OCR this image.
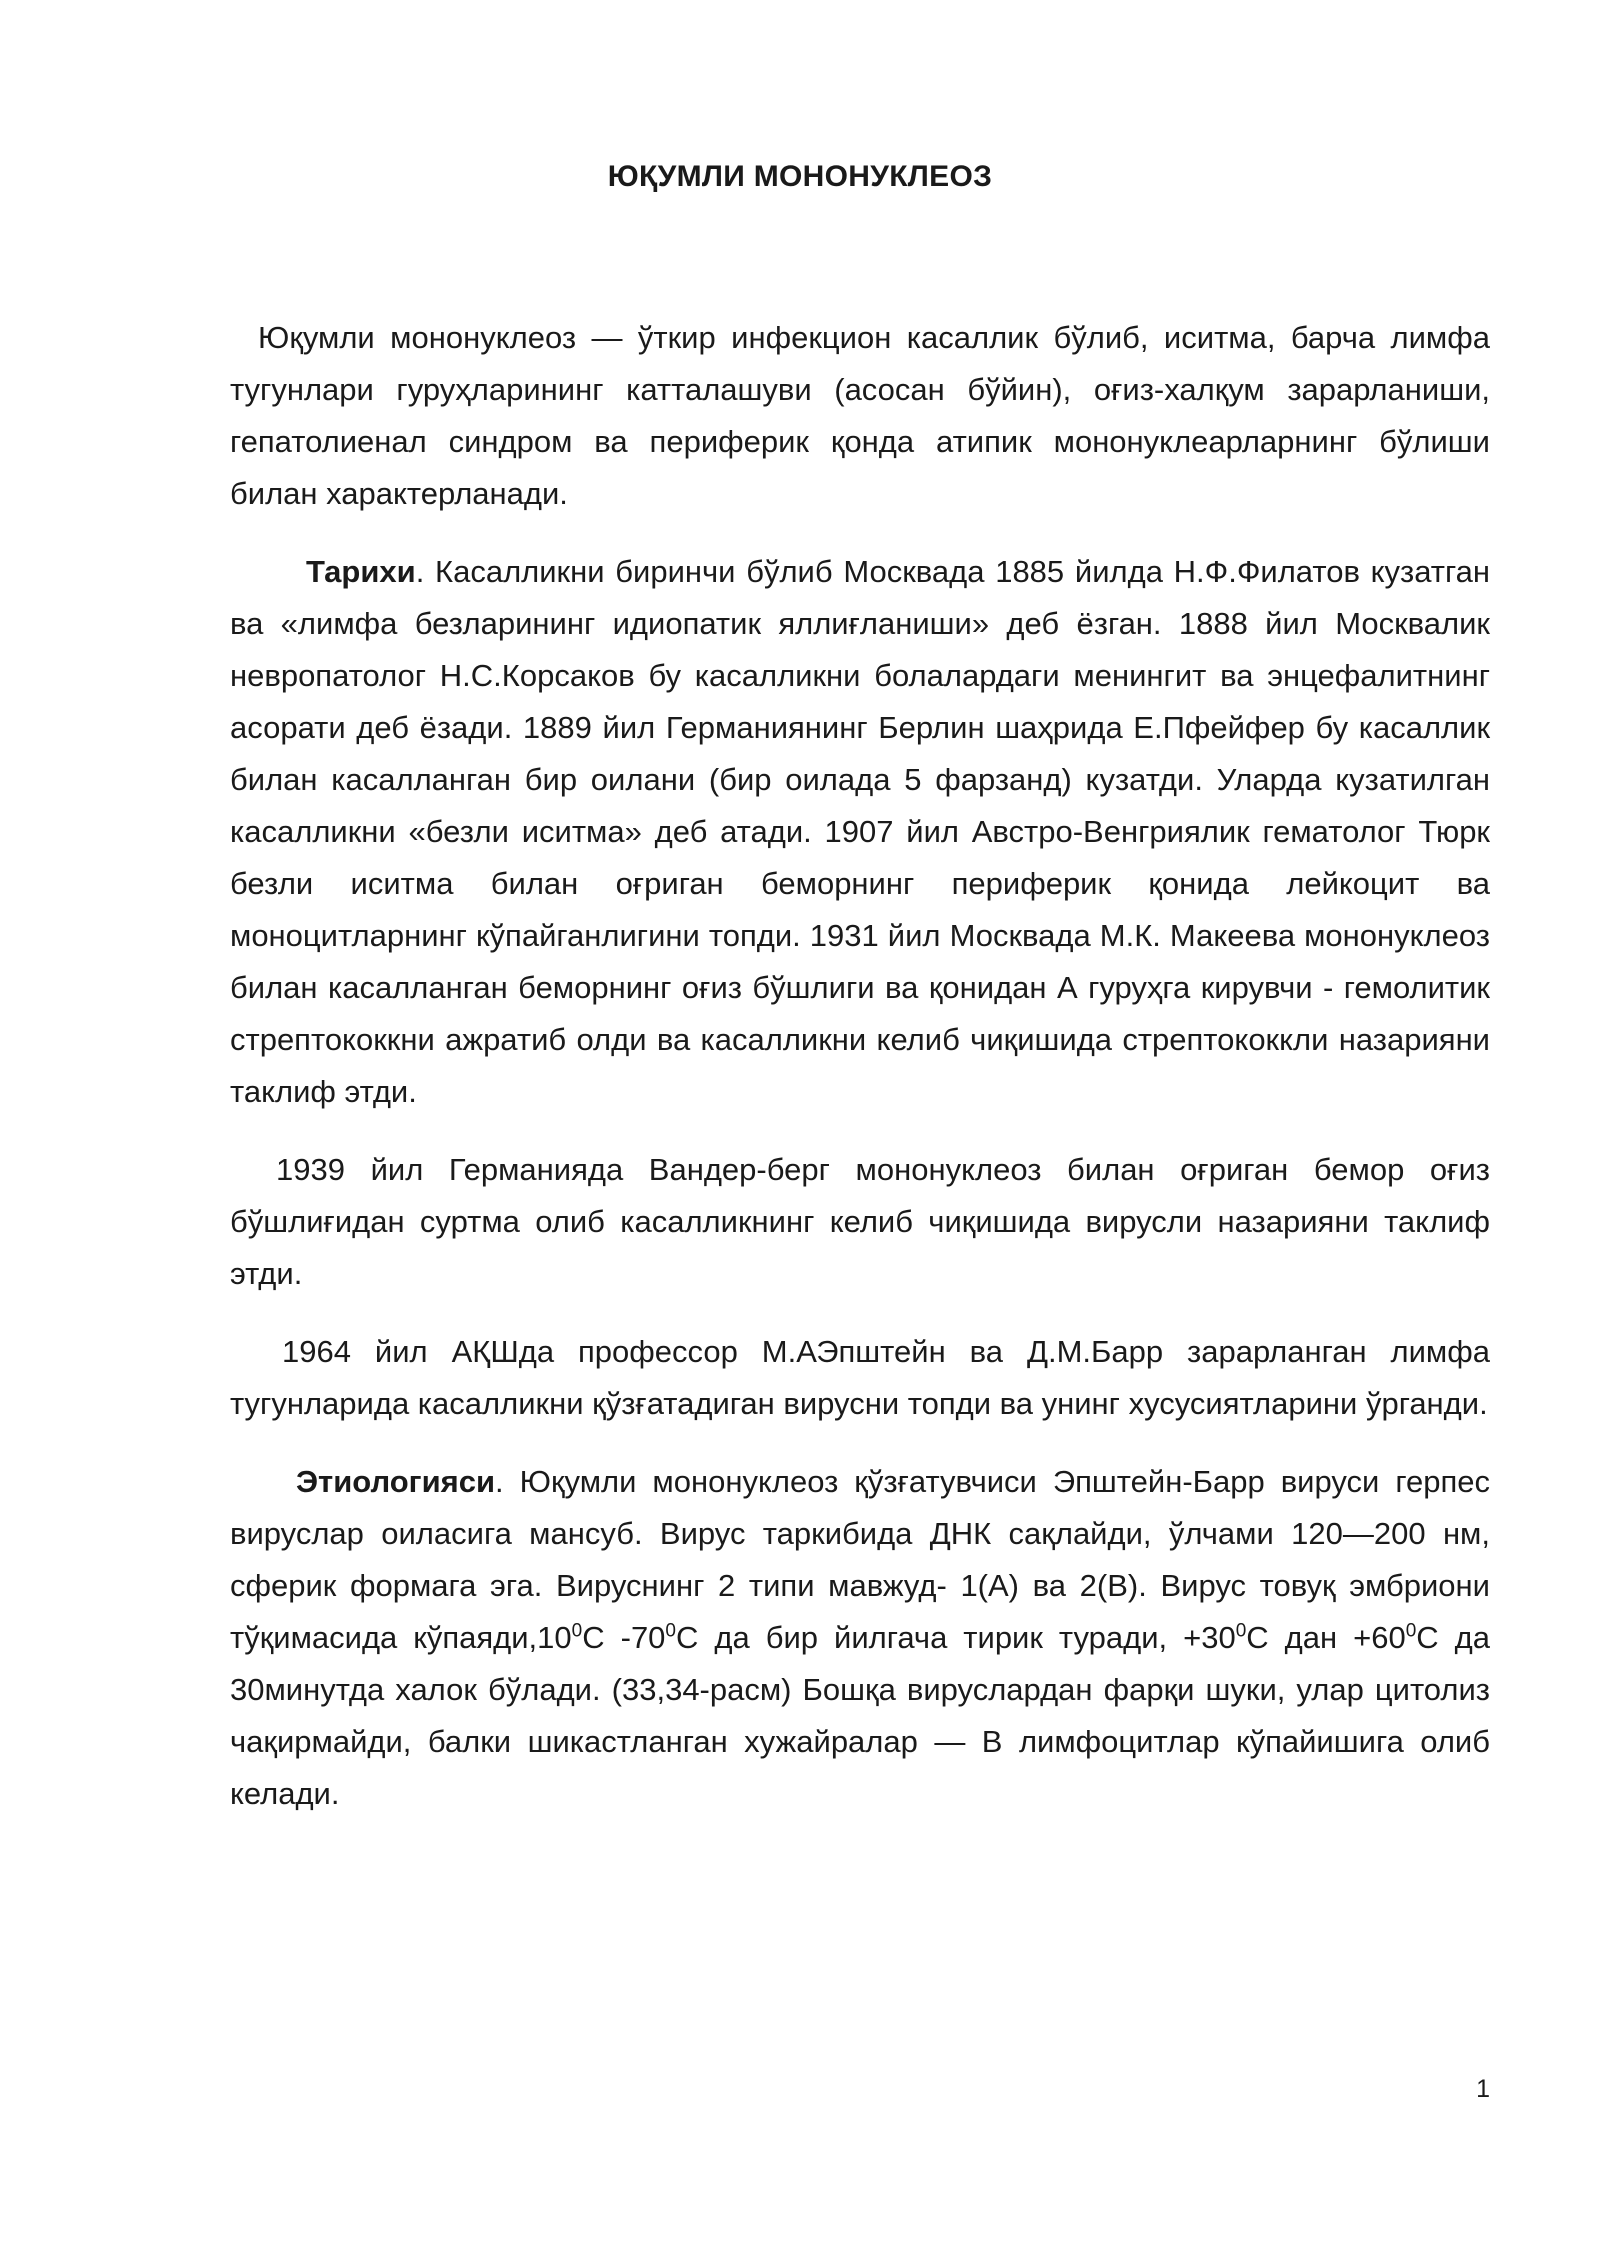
ЮҚУМЛИ МОНОНУКЛЕОЗ

Юқумли мононуклеоз — ўткир инфекцион касаллик бўлиб, иситма, барча лимфа тугунлари гуруҳларининг катталашуви (асосан бўйин), оғиз-халқум зарарланиши, гепатолиенал синдром ва периферик қонда атипик мононуклеарларнинг бўлиши билан характерланади.

Тарихи. Касалликни биринчи бўлиб Москвада 1885 йилда Н.Ф.Филатов кузатган ва «лимфа безларининг идиопатик яллиғланиши» деб ёзган. 1888 йил Москвалик невропатолог Н.С.Корсаков бу касалликни болалардаги менингит ва энцефалитнинг асорати деб ёзади. 1889 йил Германиянинг Берлин шаҳрида Е.Пфейфер бу касаллик билан касалланган бир оилани (бир оилада 5 фарзанд) кузатди. Уларда кузатилган касалликни «безли иситма» деб атади. 1907 йил Австро-Венгриялик гематолог Тюрк безли иситма билан оғриган беморнинг периферик қонида лейкоцит ва моноцитларнинг кўпайганлигини топди. 1931 йил Москвада М.К. Макеева мононуклеоз билан касалланган беморнинг оғиз бўшлиги ва қонидан А гуруҳга кирувчи - гемолитик стрептококкни ажратиб олди ва касалликни келиб чиқишида стрептококкли назарияни таклиф этди.

1939 йил Германияда Вандер-берг мононуклеоз билан оғриган бемор оғиз бўшлиғидан суртма олиб касалликнинг келиб чиқишида вирусли назарияни таклиф этди.

1964 йил АҚШда профессор М.АЭпштейн ва Д.М.Барр зарарланган лимфа тугунларида касалликни қўзғатадиган вирусни топди ва унинг хусусиятларини ўрганди.

Этиологияси. Юқумли мононуклеоз қўзғатувчиси Эпштейн-Барр вируси герпес вируслар оиласига мансуб. Вирус таркибида ДНК сақлайди, ўлчами 120—200 нм, сферик формага эга. Вируснинг 2 типи мавжуд- 1(А) ва 2(В). Вирус товуқ эмбриони тўқимасида $кўпаяди,10^0С$ $-70^0С$ да бир йилгача тирик туради, $+30^0С$ дан $+60^0С$ да 30минутда халок бўлади. (33,34-расм) Бошқа вируслардан фарқи шуки, улар цитолиз чақирмайди, балки шикастланган хужайралар — В лимфоцитлар кўпайишига олиб келади.

1
